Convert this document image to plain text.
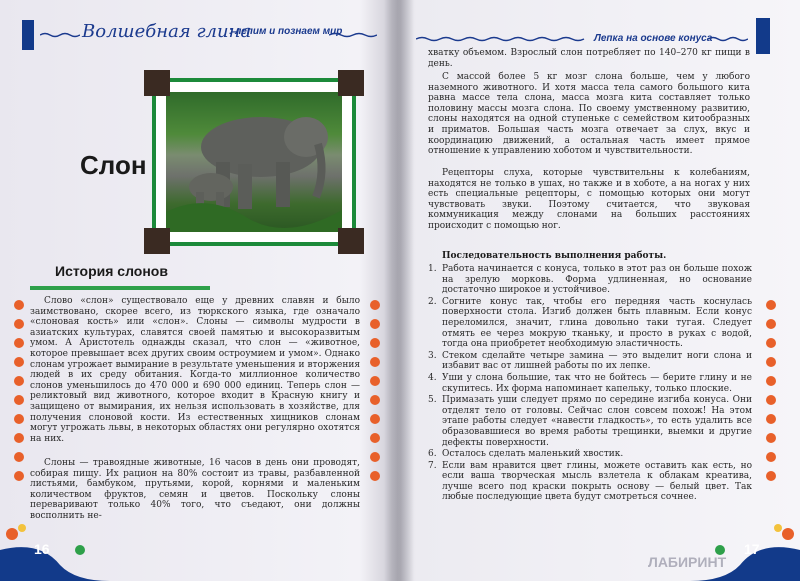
Волшебная глина
: лепим и познаем мир
Лепка на основе конуса
Слон
История слонов

Слово «слон» существовало еще у древних славян и было заимствовано, скорее всего, из тюркского языка, где означало «слоновая кость» или «слон». Слоны — символы мудрости в азиатских культурах, славятся своей памятью и высокоразвитым умом. А Аристотель однажды сказал, что слон — «животное, которое превышает всех других своим остроумием и умом». Однако слонам угрожает вымирание в результате уменьшения и вторжения людей в их среду обитания. Когда-то миллионное количество слонов уменьшилось до 470 000 и 690 000 единиц. Теперь слон — реликтовый вид животного, которое входит в Красную книгу и защищено от вымирания, их нельзя использовать в хозяйстве, для получения слоновой кости. Из естественных хищников слонам могут угрожать львы, в некоторых областях они регулярно охотятся на них.

Слоны — травоядные животные, 16 часов в день они проводят, собирая пищу. Их рацион на 80% состоит из травы, разбавленной листьями, бамбуком, прутьями, корой, корнями и маленьким количеством фруктов, семян и цветов. Поскольку слоны переваривают только 40% того, что съедают, они должны восполнить не-

хватку объемом. Взрослый слон потребляет по 140–270 кг пищи в день.

С массой более 5 кг мозг слона больше, чем у любого наземного животного. И хотя масса тела самого большого кита равна массе тела слона, масса мозга кита составляет только половину массы мозга слона. По своему умственному развитию, слоны находятся на одной ступеньке с семейством китообразных и приматов. Большая часть мозга отвечает за слух, вкус и координацию движений, а остальная часть имеет прямое отношение к управлению хоботом и чувствительности.

Рецепторы слуха, которые чувствительны к колебаниям, находятся не только в ушах, но также и в хоботе, а на ногах у них есть специальные рецепторы, с помощью которых они могут чувствовать звуки. Поэтому считается, что звуковая коммуникация между слонами на больших расстояниях происходит с помощью ног.

Последовательность выполнения работы.
1. Работа начинается с конуса, только в этот раз он больше похож на зрелую морковь. Форма удлиненная, но основание достаточно широкое и устойчивое.
2. Согните конус так, чтобы его передняя часть коснулась поверхности стола. Изгиб должен быть плавным. Если конус переломился, значит, глина довольно таки тугая. Следует отмять ее через мокрую тканьку, и просто в руках с водой, тогда она приобретет необходимую эластичность.
3. Стеком сделайте четыре замина — это выделит ноги слона и избавит вас от лишней работы по их лепке.
4. Уши у слона большие, так что не бойтесь — берите глину и не скупитесь. Их форма напоминает капельку, только плоские.
5. Примазать уши следует прямо по середине изгиба конуса. Они отделят тело от головы. Сейчас слон совсем похож! На этом этапе работы следует «навести гладкость», то есть удалить все образовавшиеся во время работы трещинки, выемки и другие дефекты поверхности.
6. Осталось сделать маленький хвостик.
7. Если вам нравится цвет глины, можете оставить как есть, но если ваша творческая мысль взлетела к облакам креатива, лучше всего под краски покрыть основу — белый цвет. Так любые последующие цвета будут смотреться сочнее.
16	17
ЛАБИРИНТ
